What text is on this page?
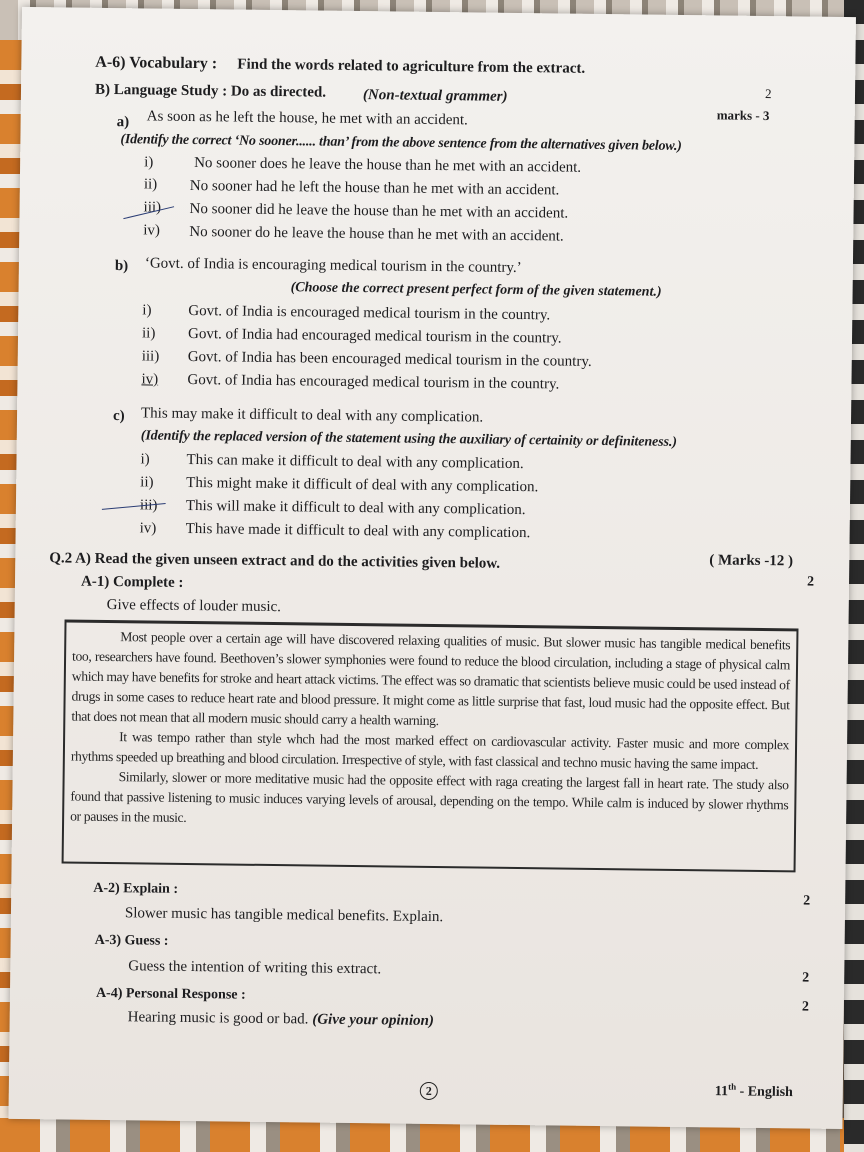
A-6) Vocabulary : Find the words related to agriculture from the extract.
2
B) Language Study : Do as directed. (Non-textual grammer)
marks - 3
a) As soon as he left the house, he met with an accident.
(Identify the correct ‘No sooner...... than’ from the above sentence from the alternatives given below.)
i)	No sooner does he leave the house than he met with an accident.
ii) No sooner had he left the house than he met with an accident.
iii) No sooner did he leave the house than he met with an accident.
iv) No sooner do he leave the house than he met with an accident.
b) ‘Govt. of India is encouraging medical tourism in the country.’
(Choose the correct present perfect form of the given statement.)
i) Govt. of India is encouraged medical tourism in the country.
ii) Govt. of India had encouraged medical tourism in the country.
iii) Govt. of India has been encouraged medical tourism in the country.
iv) Govt. of India has encouraged medical tourism in the country.
c) This may make it difficult to deal with any complication.
(Identify the replaced version of the statement using the auxiliary of certainity or definiteness.)
i) This can make it difficult to deal with any complication.
ii) This might make it difficult of deal with any complication.
iii) This will make it difficult to deal with any complication.
iv) This have made it difficult to deal with any complication.
Q.2 A) Read the given unseen extract and do the activities given below.	( Marks -12 )
A-1) Complete :	2
Give effects of louder music.

Most people over a certain age will have discovered relaxing qualities of music. But slower music has tangible medical benefits too, researchers have found. Beethoven’s slower symphonies were found to reduce the blood circulation, including a stage of physical calm which may have benefits for stroke and heart attack victims. The effect was so dramatic that scientists believe music could be used instead of drugs in some cases to reduce heart rate and blood pressure. It might come as little surprise that fast, loud music had the opposite effect. But that does not mean that all modern music should carry a health warning.

It was tempo rather than style whch had the most marked effect on cardiovascular activity. Faster music and more complex rhythms speeded up breathing and blood circulation. Irrespective of style, with fast classical and techno music having the same impact.

Similarly, slower or more meditative music had the opposite effect with raga creating the largest fall in heart rate. The study also found that passive listening to music induces varying levels of arousal, depending on the tempo. While calm is induced by slower rhythms or pauses in the music.

A-2) Explain :
2
Slower music has tangible medical benefits. Explain.
A-3) Guess :
2
Guess the intention of writing this extract.
A-4) Personal Response :
2
Hearing music is good or bad. (Give your opinion)
2	11th - English
